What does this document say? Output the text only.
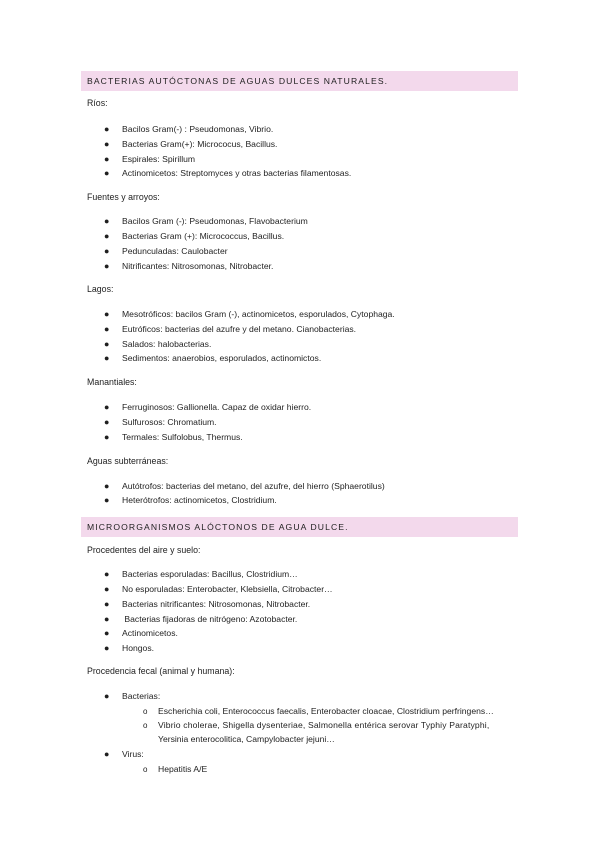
BACTERIAS AUTÓCTONAS DE AGUAS DULCES NATURALES.
Ríos:
● Bacilos Gram(-) : Pseudomonas, Vibrio.
● Bacterias Gram(+): Micrococus, Bacillus.
● Espirales: Spirillum
● Actinomicetos: Streptomyces y otras bacterias filamentosas.
Fuentes y arroyos:
● Bacilos Gram (-): Pseudomonas, Flavobacterium
● Bacterias Gram (+): Micrococcus, Bacillus.
● Pedunculadas: Caulobacter
● Nitrificantes: Nitrosomonas, Nitrobacter.
Lagos:
● Mesotróficos: bacilos Gram (-), actinomicetos, esporulados, Cytophaga.
● Eutróficos: bacterias del azufre y del metano. Cianobacterias.
● Salados: halobacterias.
● Sedimentos: anaerobios, esporulados, actinomictos.
Manantiales:
● Ferruginosos: Gallionella. Capaz de oxidar hierro.
● Sulfurosos: Chromatium.
● Termales: Sulfolobus, Thermus.
Aguas subterráneas:
● Autótrofos: bacterias del metano, del azufre, del hierro (Sphaerotilus)
● Heterótrofos: actinomicetos, Clostridium.
MICROORGANISMOS ALÓCTONOS DE AGUA DULCE.
Procedentes del aire y suelo:
● Bacterias esporuladas: Bacillus, Clostridium…
● No esporuladas: Enterobacter, Klebsiella, Citrobacter…
● Bacterias nitrificantes: Nitrosomonas, Nitrobacter.
● Bacterias fijadoras de nitrógeno: Azotobacter.
● Actinomicetos.
● Hongos.
Procedencia fecal (animal y humana):
● Bacterias:
o Escherichia coli, Enterococcus faecalis, Enterobacter cloacae, Clostridium perfringens…
o Vibrio cholerae, Shigella dysenteriae, Salmonella entérica serovar Typhiy Paratyphi,
Yersinia enterocolitica, Campylobacter jejuni…
● Virus:
o Hepatitis A/E
